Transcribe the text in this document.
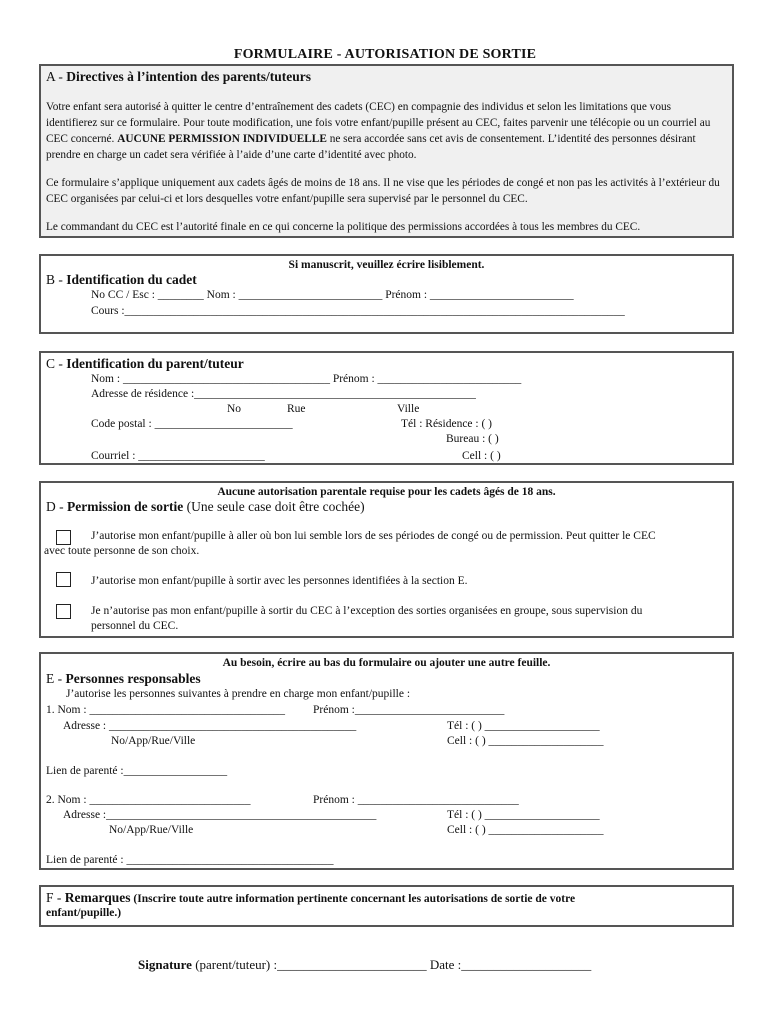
FORMULAIRE - AUTORISATION DE SORTIE
A - Directives à l’intention des parents/tuteurs
Votre enfant sera autorisé à quitter le centre d’entraînement des cadets (CEC) en compagnie des individus et selon les limitations que vous identifierez sur ce formulaire. Pour toute modification, une fois votre enfant/pupille présent au CEC, faites parvenir une télécopie ou un courriel au CEC concerné. AUCUNE PERMISSION INDIVIDUELLE ne sera accordée sans cet avis de consentement. L’identité des personnes désirant prendre en charge un cadet sera vérifiée à l’aide d’une carte d’identité avec photo.
Ce formulaire s’applique uniquement aux cadets âgés de moins de 18 ans. Il ne vise que les périodes de congé et non pas les activités à l’extérieur du CEC organisées par celui-ci et lors desquelles votre enfant/pupille sera supervisé par le personnel du CEC.
Le commandant du CEC est l’autorité finale en ce qui concerne la politique des permissions accordées à tous les membres du CEC.
Si manuscrit, veuillez écrire lisiblement.
B - Identification du cadet
No CC / Esc : ________ Nom : _________________________ Prénom : _________________________
Cours :_______________________________________________________________________________________
C - Identification du parent/tuteur
Nom : ____________________________________ Prénom : _________________________
Adresse de résidence :_________________________________________________
No	Rue	Ville
Code postal : ________________________	Tél : Résidence : ( )
Bureau : ( )
Courriel : ______________________	Cell : ( )
Aucune autorisation parentale requise pour les cadets âgés de 18 ans.
D - Permission de sortie (Une seule case doit être cochée)
J’autorise mon enfant/pupille à aller où bon lui semble lors de ses périodes de congé ou de permission. Peut quitter le CEC
avec toute personne de son choix.
J’autorise mon enfant/pupille à sortir avec les personnes identifiées à la section E.
Je n’autorise pas mon enfant/pupille à sortir du CEC à l’exception des sorties organisées en groupe, sous supervision du
personnel du CEC.
Au besoin, écrire au bas du formulaire ou ajouter une autre feuille.
E - Personnes responsables
J’autorise les personnes suivantes à prendre en charge mon enfant/pupille :
1. Nom : __________________________________ Prénom :__________________________
Adresse : ___________________________________________	Tél : ( ) ____________________
No/App/Rue/Ville	Cell : ( ) ____________________
Lien de parenté :__________________
2. Nom : ____________________________	Prénom : ____________________________
Adresse :_______________________________________________	Tél : ( ) ____________________
No/App/Rue/Ville	Cell : ( ) ____________________
Lien de parenté : ____________________________________
F - Remarques (Inscrire toute autre information pertinente concernant les autorisations de sortie de votre
enfant/pupille.)
Signature (parent/tuteur) :_______________________ Date :____________________
